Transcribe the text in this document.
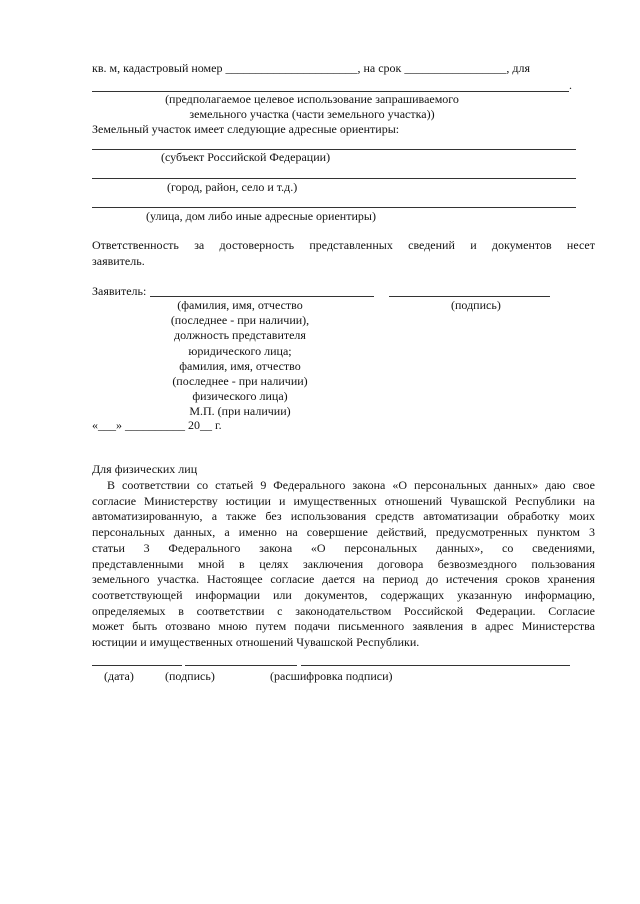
кв. м, кадастровый номер ______________________, на срок _________________, для
.
(предполагаемое целевое использование запрашиваемого
земельного участка (части земельного участка))
Земельный участок имеет следующие адресные ориентиры:
(субъект Российской Федерации)
(город, район, село и т.д.)
(улица, дом либо иные адресные ориентиры)
Ответственность за достоверность представленных сведений и документов несет
заявитель.
Заявитель:
(фамилия, имя, отчество
(последнее - при наличии),
должность представителя
юридического лица;
фамилия, имя, отчество
(последнее - при наличии)
физического лица)
М.П. (при наличии)
(подпись)
«___» __________ 20__ г.
Для физических лиц
В соответствии со статьей 9 Федерального закона «О персональных данных» даю свое
согласие Министерству юстиции и имущественных отношений Чувашской Республики на
автоматизированную, а также без использования средств автоматизации обработку моих
персональных данных, а именно на совершение действий, предусмотренных пунктом 3
статьи 3 Федерального закона «О персональных данных», со сведениями,
представленными мной в целях заключения договора безвозмездного пользования
земельного участка. Настоящее согласие дается на период до истечения сроков хранения
соответствующей информации или документов, содержащих указанную информацию,
определяемых в соответствии с законодательством Российской Федерации. Согласие
может быть отозвано мною путем подачи письменного заявления в адрес Министерства
юстиции и имущественных отношений Чувашской Республики.
(дата)	(подпись)	(расшифровка подписи)
